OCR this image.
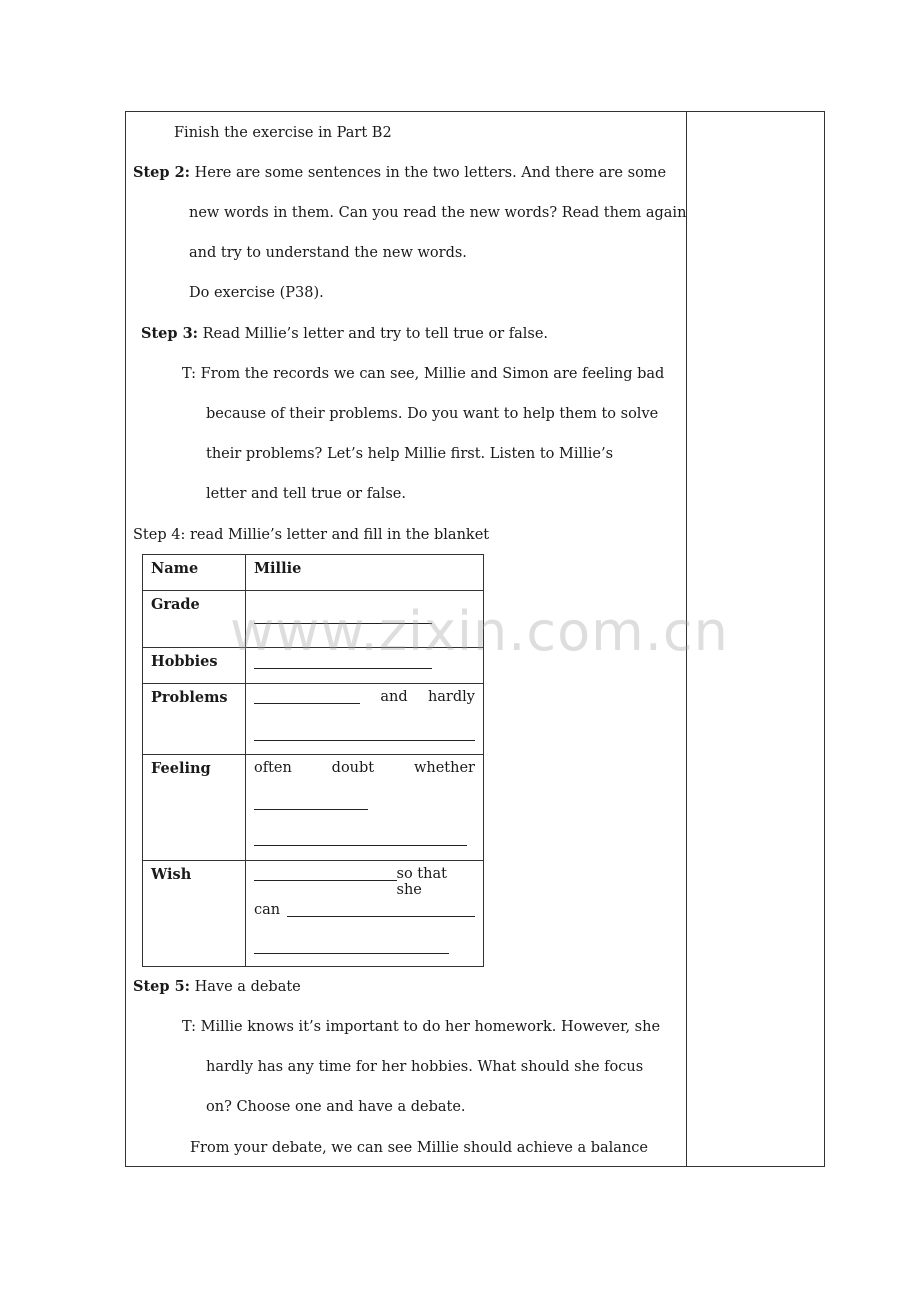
Finish the exercise in Part B2
Step 2: Here are some sentences in the two letters. And there are some
new words in them. Can you read the new words? Read them again
and try to understand the new words.
Do exercise (P38).
Step 3: Read Millie’s letter and try to tell true or false.
T: From the records we can see, Millie and Simon are feeling bad
because of their problems. Do you want to help them to solve
their problems? Let’s help Millie first. Listen to Millie’s
letter and tell true or false.
Step 4: read Millie’s letter and fill in the blanket
Name	Millie
Grade	

Hobbies	
Problems	and hardly

Feeling	often doubt whether

Wish	so that she
can
Step 5: Have a debate
T: Millie knows it’s important to do her homework. However, she
hardly has any time for her hobbies. What should she focus
on? Choose one and have a debate.
From your debate, we can see Millie should achieve a balance
www.zixin.com.cn
